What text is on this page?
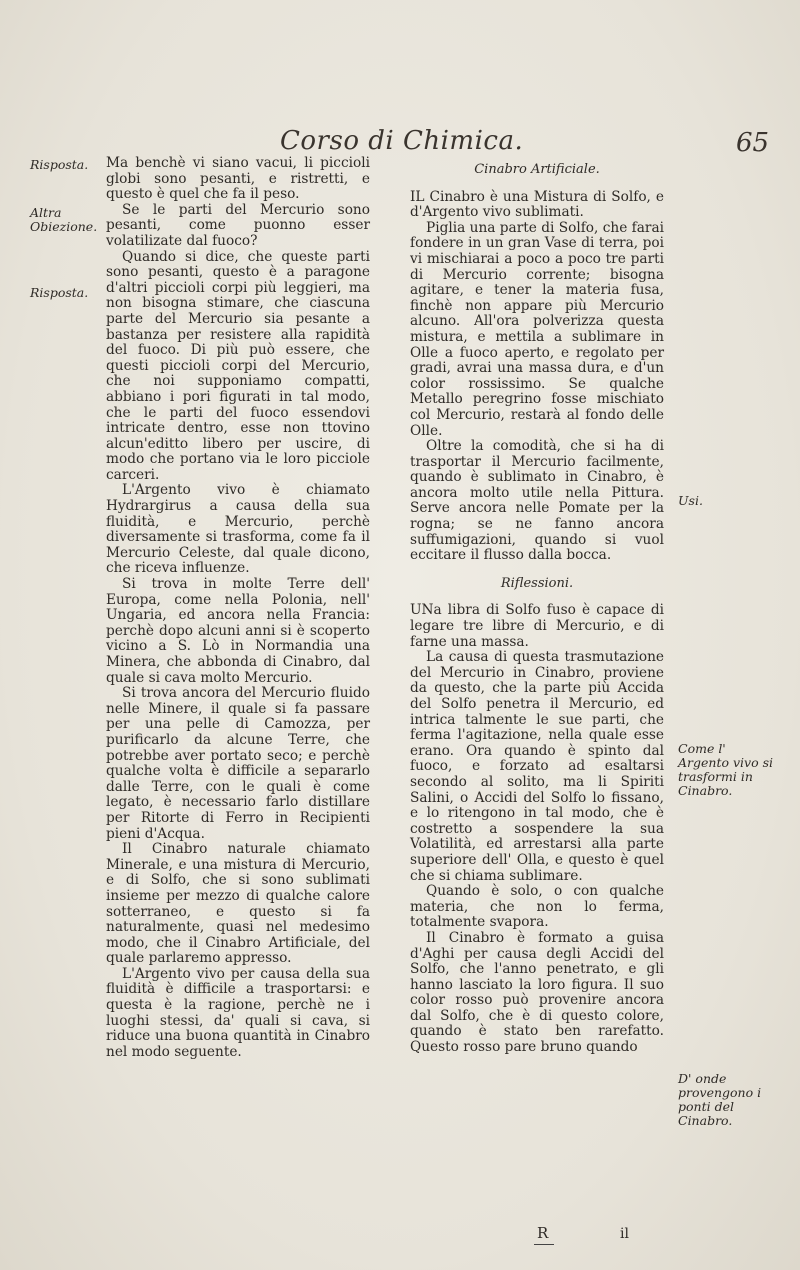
Corso di Chimica.	65
Risposta.
Altra Obiezione.
Risposta.

Ma benchè vi siano vacui, li piccioli globi sono pesanti, e ristretti, e questo è quel che fa il peso.

Se le parti del Mercurio sono pesanti, come puonno esser volatilizate dal fuoco?

Quando si dice, che queste parti sono pesanti, questo è a paragone d'altri piccioli corpi più leggieri, ma non bisogna stimare, che ciascuna parte del Mercurio sia pesante a bastanza per resistere alla rapidità del fuoco. Di più può essere, che questi piccioli corpi del Mercurio, che noi supponiamo compatti, abbiano i pori figurati in tal modo, che le parti del fuoco essendovi intricate dentro, esse non ttovino alcun'editto libero per uscire, di modo che portano via le loro picciole carceri.

L'Argento vivo è chiamato Hydrargirus a causa della sua fluidità, e Mercurio, perchè diversamente si trasforma, come fa il Mercurio Celeste, dal quale dicono, che riceva influenze.

Si trova in molte Terre dell' Europa, come nella Polonia, nell' Ungaria, ed ancora nella Francia: perchè dopo alcuni anni si è scoperto vicino a S. Lò in Normandia una Minera, che abbonda di Cinabro, dal quale si cava molto Mercurio.

Si trova ancora del Mercurio fluido nelle Minere, il quale si fa passare per una pelle di Camozza, per purificarlo da alcune Terre, che potrebbe aver portato seco; e perchè qualche volta è difficile a separarlo dalle Terre, con le quali è come legato, è necessario farlo distillare per Ritorte di Ferro in Recipienti pieni d'Acqua.

Il Cinabro naturale chiamato Minerale, e una mistura di Mercurio, e di Solfo, che si sono sublimati insieme per mezzo di qualche calore sotterraneo, e questo si fa naturalmente, quasi nel medesimo modo, che il Cinabro Artificiale, del quale parlaremo appresso.

L'Argento vivo per causa della sua fluidità è difficile a trasportarsi: e questa è la ragione, perchè ne i luoghi stessi, da' quali si cava, si riduce una buona quantità in Cinabro nel modo seguente.

Cinabro Artificiale.

IL Cinabro è una Mistura di Solfo, e d'Argento vivo sublimati.

Piglia una parte di Solfo, che farai fondere in un gran Vase di terra, poi vi mischiarai a poco a poco tre parti di Mercurio corrente; bisogna agitare, e tener la materia fusa, finchè non appare più Mercurio alcuno. All'ora polverizza questa mistura, e mettila a sublimare in Olle a fuoco aperto, e regolato per gradi, avrai una massa dura, e d'un color rossissimo. Se qualche Metallo peregrino fosse mischiato col Mercurio, restarà al fondo delle Olle.

Oltre la comodità, che si ha di trasportar il Mercurio facilmente, quando è sublimato in Cinabro, è ancora molto utile nella Pittura. Serve ancora nelle Pomate per la rogna; se ne fanno ancora suffumigazioni, quando si vuol eccitare il flusso dalla bocca.

Riflessioni.

UNa libra di Solfo fuso è capace di legare tre libre di Mercurio, e di farne una massa.

La causa di questa trasmutazione del Mercurio in Cinabro, proviene da questo, che la parte più Accida del Solfo penetra il Mercurio, ed intrica talmente le sue parti, che ferma l'agitazione, nella quale esse erano. Ora quando è spinto dal fuoco, e forzato ad esaltarsi secondo al solito, ma li Spiriti Salini, o Accidi del Solfo lo fissano, e lo ritengono in tal modo, che è costretto a sospendere la sua Volatilità, ed arrestarsi alla parte superiore dell' Olla, e questo è quel che si chiama sublimare.

Quando è solo, o con qualche materia, che non lo ferma, totalmente svapora.

Il Cinabro è formato a guisa d'Aghi per causa degli Accidi del Solfo, che l'anno penetrato, e gli hanno lasciato la loro figura. Il suo color rosso può provenire ancora dal Solfo, che è di questo colore, quando è stato ben rarefatto. Questo rosso pare bruno quando

Usi.
Come l' Argento vivo si trasformi in Cinabro.
D' onde provengono i ponti del Cinabro.
R	il
